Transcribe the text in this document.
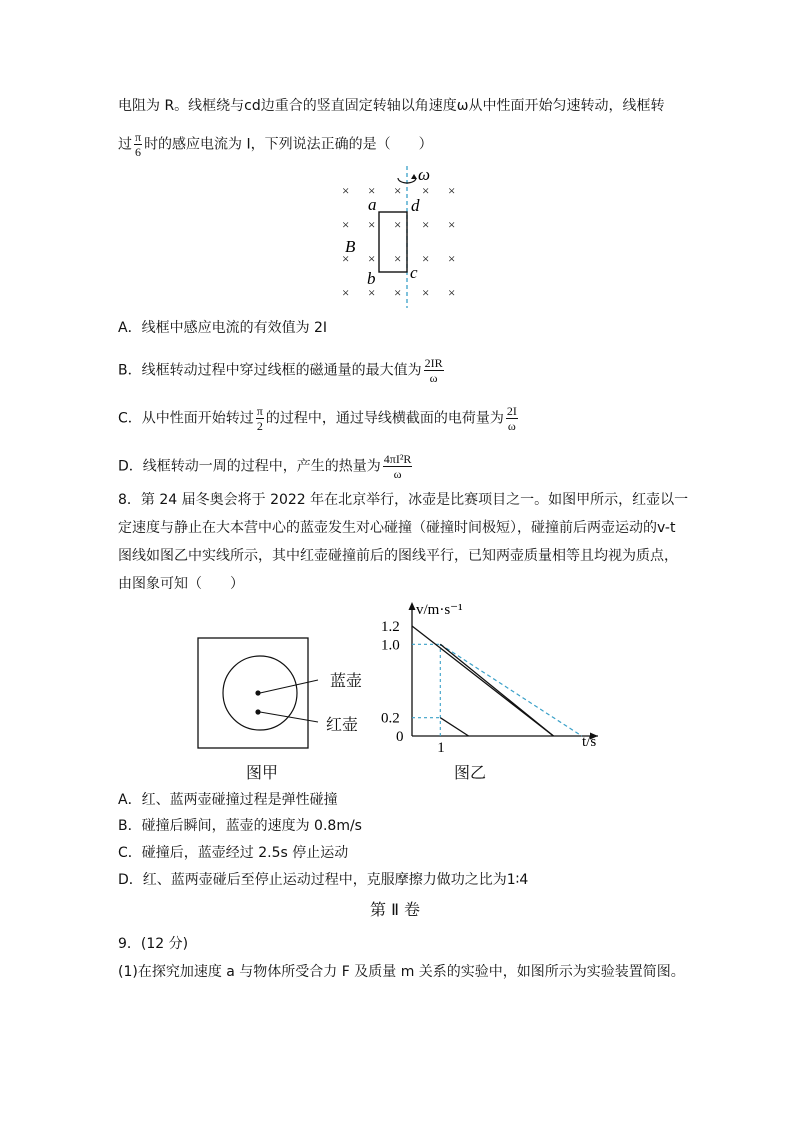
电阻为 R。线框绕与cd边重合的竖直固定转轴以角速度ω从中性面开始匀速转动，线框转
过 $\frac{\pi}{6}$ 时的感应电流为 I，下列说法正确的是（　　）
×
×
×
×
×
×
×
×
×
×
×
×
×
×
×
×
×
×
×
×
ω
a d
b c
B
A．线框中感应电流的有效值为 2I
B．线框转动过程中穿过线框的磁通量的最大值为 $\frac{2IR}{\omega}$
C．从中性面开始转过 $\frac{\pi}{2}$ 的过程中，通过导线横截面的电荷量为 $\frac{2I}{\omega}$
D．线框转动一周的过程中，产生的热量为 $\frac{\text{4πI²R}}{\omega}$
8．第 24 届冬奥会将于 2022 年在北京举行，冰壶是比赛项目之一。如图甲所示，红壶以一
定速度与静止在大本营中心的蓝壶发生对心碰撞（碰撞时间极短），碰撞前后两壶运动的v-t
图线如图乙中实线所示，其中红壶碰撞前后的图线平行，已知两壶质量相等且均视为质点，
由图象可知（　　）
蓝壶
红壶
图甲
v/m·s⁻¹
t/s
0
0.2
1.0
1.2
1
图乙
A．红、蓝两壶碰撞过程是弹性碰撞
B．碰撞后瞬间，蓝壶的速度为 0.8m/s
C．碰撞后，蓝壶经过 2.5s 停止运动
D．红、蓝两壶碰后至停止运动过程中，克服摩擦力做功之比为1∶4
第 Ⅱ 卷
9．(12 分)
(1)在探究加速度 a 与物体所受合力 F 及质量 m 关系的实验中，如图所示为实验装置简图。
